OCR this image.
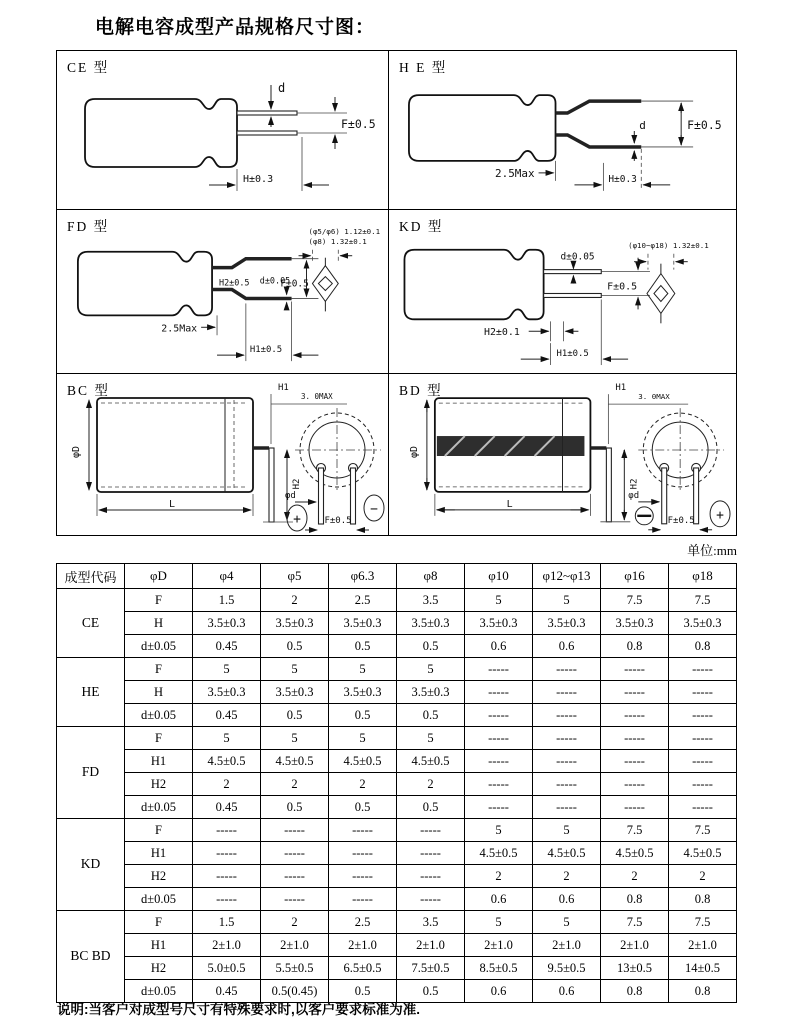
电解电容成型产品规格尺寸图：
CE 型
d
F±0.5
H±0.3
H E 型
2.5Max
d	F±0.5
H±0.3
FD 型
H2±0.5 d±0.05
F±0.5
2.5Max
H1±0.5
(φ5/φ6) 1.12±0.1
(φ8) 1.32±0.1
KD 型
d±0.05
F±0.5
H2±0.1
H1±0.5
(φ10~φ18) 1.32±0.1
BC 型
φD
L
H1
3. 0MAX
H2
φd
F±0.5
+
−
BD 型
φD
L
H1
3. 0MAX
H2
φd
F±0.5 +
单位:mm
成型代码	φD	φ4	φ5	φ6.3	φ8	φ10	φ12~φ13	φ16	φ18
CE	F	1.5	2	2.5	3.5	5	5	7.5	7.5
	H	3.5±0.3	3.5±0.3	3.5±0.3	3.5±0.3	3.5±0.3	3.5±0.3	3.5±0.3	3.5±0.3
	d±0.05	0.45	0.5	0.5	0.5	0.6	0.6	0.8	0.8
HE	F	5	5	5	5	-----	-----	-----	-----
	H	3.5±0.3	3.5±0.3	3.5±0.3	3.5±0.3	-----	-----	-----	-----
	d±0.05	0.45	0.5	0.5	0.5	-----	-----	-----	-----
FD	F	5	5	5	5	-----	-----	-----	-----
	H1	4.5±0.5	4.5±0.5	4.5±0.5	4.5±0.5	-----	-----	-----	-----
	H2	2	2	2	2	-----	-----	-----	-----
	d±0.05	0.45	0.5	0.5	0.5	-----	-----	-----	-----
KD	F	-----	-----	-----	-----	5	5	7.5	7.5
	H1	-----	-----	-----	-----	4.5±0.5	4.5±0.5	4.5±0.5	4.5±0.5
	H2	-----	-----	-----	-----	2	2	2	2
	d±0.05	-----	-----	-----	-----	0.6	0.6	0.8	0.8
BC BD	F	1.5	2	2.5	3.5	5	5	7.5	7.5
	H1	2±1.0	2±1.0	2±1.0	2±1.0	2±1.0	2±1.0	2±1.0	2±1.0
	H2	5.0±0.5	5.5±0.5	6.5±0.5	7.5±0.5	8.5±0.5	9.5±0.5	13±0.5	14±0.5
	d±0.05	0.45	0.5(0.45)	0.5	0.5	0.6	0.6	0.8	0.8
说明:当客户对成型号尺寸有特殊要求时,以客户要求标准为准.
